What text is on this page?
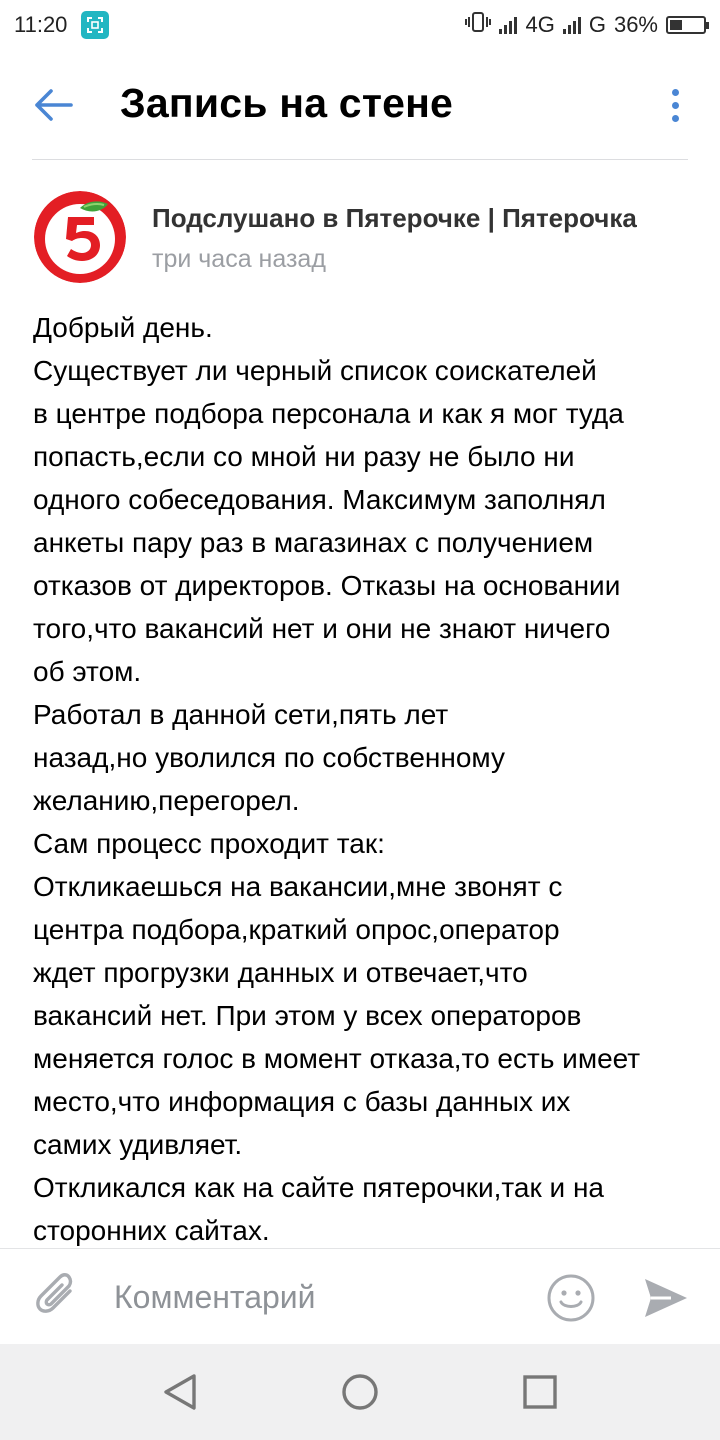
11:20	4G G 36%
Запись на стене
Подслушано в Пятерочке | Пятерочка
три часа назад
Добрый день.
Существует ли черный список соискателей
в центре подбора персонала и как я мог туда
попасть,если со мной ни разу не было ни
одного собеседования. Максимум заполнял
анкеты пару раз в магазинах с получением
отказов от директоров. Отказы на основании
того,что вакансий нет и они не знают ничего
об этом.
Работал в данной сети,пять лет
назад,но уволился по собственному
желанию,перегорел.
Сам процесс проходит так:
Откликаешься на вакансии,мне звонят с
центра подбора,краткий опрос,оператор
ждет прогрузки данных и отвечает,что
вакансий нет. При этом у всех операторов
меняется голос в момент отказа,то есть имеет
место,что информация с базы данных их
самих удивляет.
Откликался как на сайте пятерочки,так и на
сторонних сайтах.
Комментарий
